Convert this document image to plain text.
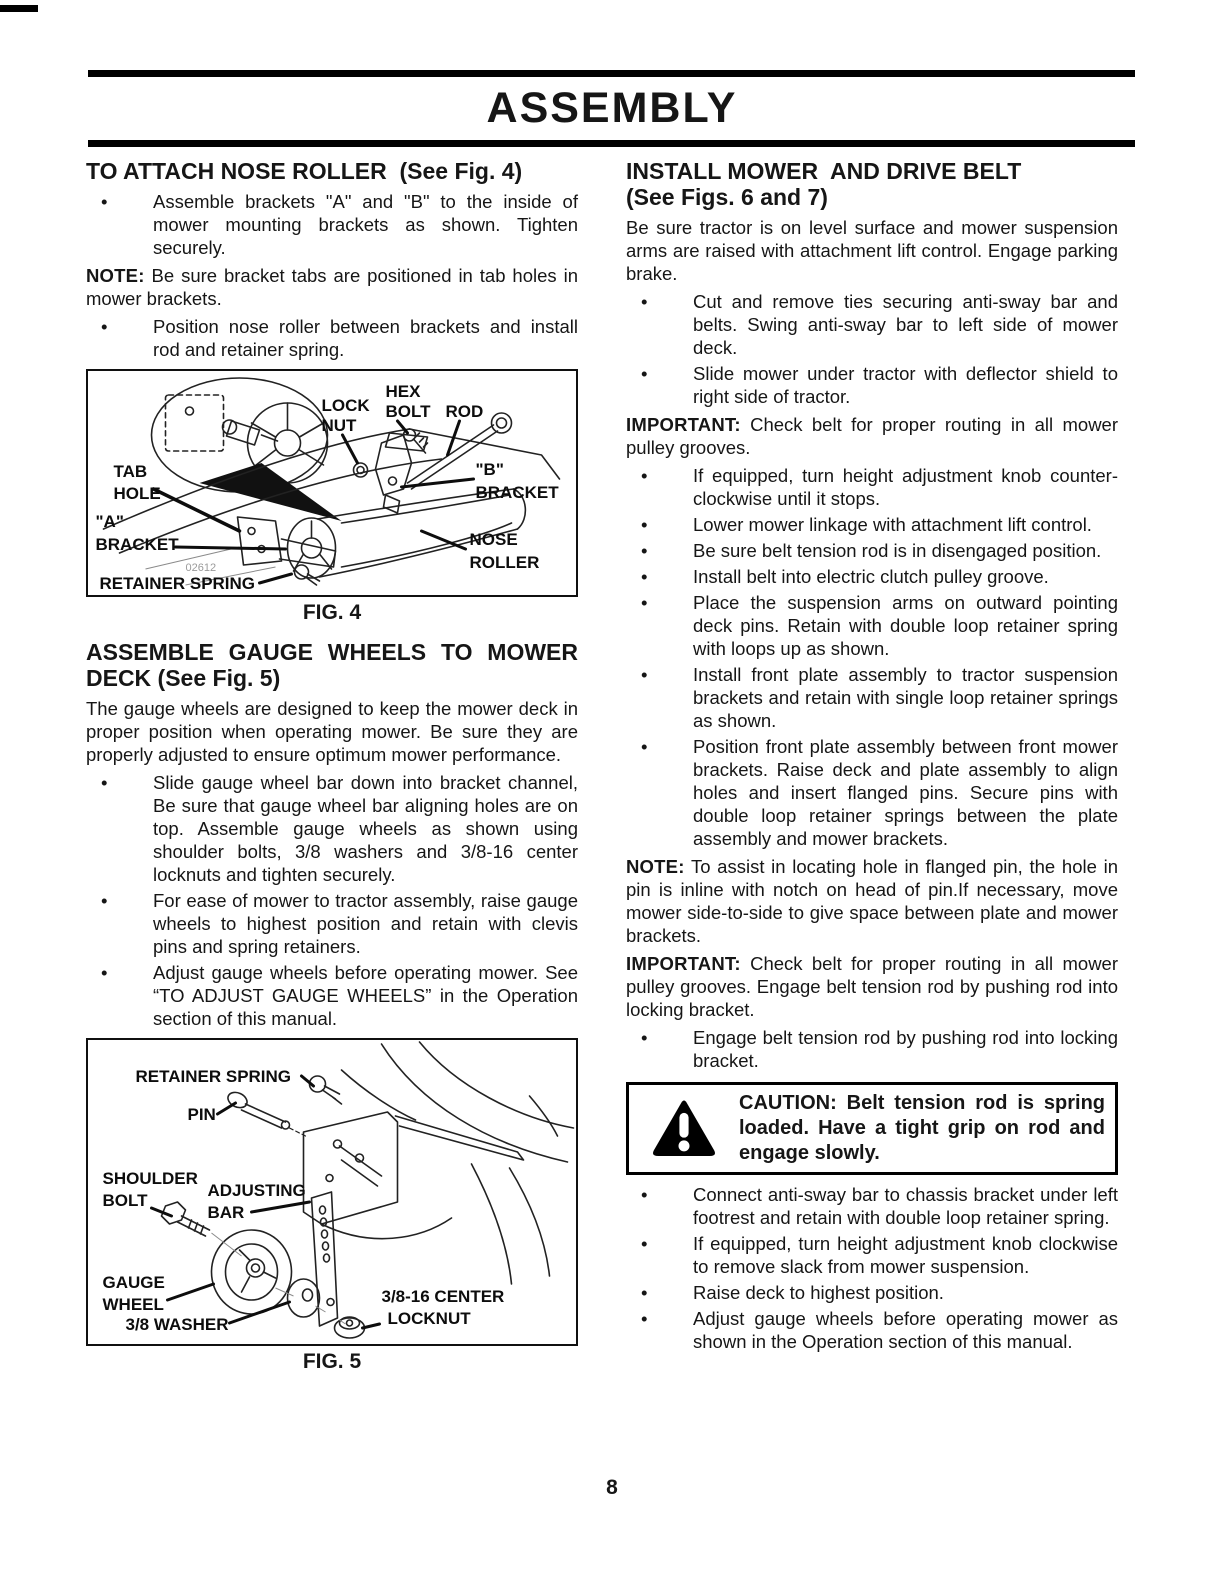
ASSEMBLY
TO ATTACH NOSE ROLLER  (See Fig. 4)
•	Assemble brackets "A" and "B" to the inside of mower mounting brackets as shown. Tighten securely.

NOTE: Be sure bracket tabs are positioned in tab holes in mower brackets.

•	Position nose roller between brackets and install rod and retainer spring.
LOCK
NUT
HEX
BOLT ROD
"B"
BRACKET
TAB
HOLE
"A"
BRACKET	NOSE
ROLLER
RETAINER SPRING
02612
FIG. 4
ASSEMBLE GAUGE WHEELS TO MOWER
DECK (See Fig. 5)

The gauge wheels are designed to keep the mower deck in proper position when operating mower. Be sure they are properly adjusted to ensure optimum mower performance.

•	Slide gauge wheel bar down into bracket channel, Be sure that gauge wheel bar aligning holes are on top. Assemble gauge wheels as shown using shoulder bolts, 3/8 washers and 3/8-16 center locknuts and tighten securely.
•	For ease of mower to tractor assembly, raise gauge wheels to highest position and retain with clevis pins and spring retainers.
•	Adjust gauge wheels before operating mower. See “TO ADJUST GAUGE WHEELS” in the Operation section of this manual.
RETAINER SPRING
PIN
SHOULDER
BOLT
ADJUSTING
BAR
GAUGE
WHEEL
3/8 WASHER
3/8-16 CENTER
LOCKNUT
FIG. 5
INSTALL MOWER  AND DRIVE BELT
(See Figs. 6 and 7)

Be sure tractor is on level surface and mower suspension arms are raised with attachment lift control. Engage parking brake.

•	Cut and remove ties securing anti-sway bar and belts. Swing anti-sway bar to left side of mower deck.
•	Slide mower under tractor with deflector shield to right side of tractor.

IMPORTANT: Check belt for proper routing in all mower pulley grooves.

•	If equipped, turn height adjustment knob counter-clockwise until it stops.
•	Lower mower linkage with attachment lift control.
•	Be sure belt tension rod is in disengaged position.
•	Install belt into electric clutch pulley groove.
•	Place the suspension arms on outward pointing deck pins. Retain with double loop retainer spring with loops up as shown.
•	Install front plate assembly to tractor suspension brackets and retain with single loop retainer springs as shown.
•	Position front plate assembly between front mower brackets. Raise deck and plate assembly to align holes and insert flanged pins. Secure pins with double loop retainer springs between the plate assembly and mower brackets.

NOTE: To assist in locating hole in flanged pin, the hole in pin is inline with notch on head of pin.If necessary, move mower side-to-side to give space between plate and mower brackets.

IMPORTANT: Check belt for proper routing in all mower pulley grooves. Engage belt tension rod by pushing rod into locking bracket.

•	Engage belt tension rod by pushing rod into locking bracket.
CAUTION: Belt tension rod is spring loaded. Have a tight grip on rod and engage slowly.
•	Connect anti-sway bar to chassis bracket under left footrest and retain with double loop retainer spring.
•	If equipped, turn height adjustment knob clockwise to remove slack from mower suspension.
•	Raise deck to highest position.
•	Adjust gauge wheels before operating mower as shown in the Operation section of this manual.
8
